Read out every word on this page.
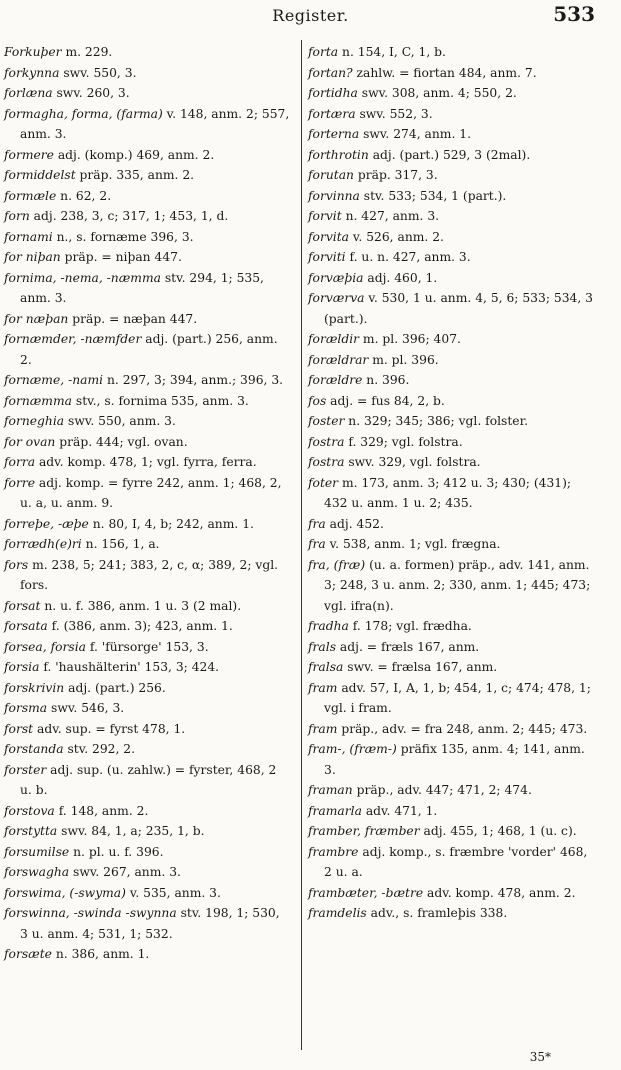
Register.	533

Forkuþer m. 229.

forkynna swv. 550, 3.

forlæna swv. 260, 3.

formagha, forma, (farma) v. 148, anm. 2; 557, anm. 3.

formere adj. (komp.) 469, anm. 2.

formiddelst präp. 335, anm. 2.

formæle n. 62, 2.

forn adj. 238, 3, c; 317, 1; 453, 1, d.

fornami n., s. fornæme 396, 3.

for niþan präp. = niþan 447.

fornima, -nema, -næmma stv. 294, 1; 535, anm. 3.

for næþan präp. = næþan 447.

fornæmder, -næmfder adj. (part.) 256, anm. 2.

fornæme, -nami n. 297, 3; 394, anm.; 396, 3.

fornæmma stv., s. fornima 535, anm. 3.

forneghia swv. 550, anm. 3.

for ovan präp. 444; vgl. ovan.

forra adv. komp. 478, 1; vgl. fyrra, ferra.

forre adj. komp. = fyrre 242, anm. 1; 468, 2, u. a, u. anm. 9.

forreþe, -æþe n. 80, I, 4, b; 242, anm. 1.

forrædh(e)ri n. 156, 1, a.

fors m. 238, 5; 241; 383, 2, c, α; 389, 2; vgl. fors.

forsat n. u. f. 386, anm. 1 u. 3 (2 mal).

forsata f. (386, anm. 3); 423, anm. 1.

forsea, forsia f. 'fürsorge' 153, 3.

forsia f. 'haushälterin' 153, 3; 424.

forskrivin adj. (part.) 256.

forsma swv. 546, 3.

forst adv. sup. = fyrst 478, 1.

forstanda stv. 292, 2.

forster adj. sup. (u. zahlw.) = fyrster, 468, 2 u. b.

forstova f. 148, anm. 2.

forstytta swv. 84, 1, a; 235, 1, b.

forsumilse n. pl. u. f. 396.

forswagha swv. 267, anm. 3.

forswima, (-swyma) v. 535, anm. 3.

forswinna, -swinda -swynna stv. 198, 1; 530, 3 u. anm. 4; 531, 1; 532.

forsæte n. 386, anm. 1.

forta n. 154, I, C, 1, b.

fortan? zahlw. = fiortan 484, anm. 7.

fortidha swv. 308, anm. 4; 550, 2.

fortæra swv. 552, 3.

forterna swv. 274, anm. 1.

forthrotin adj. (part.) 529, 3 (2mal).

forutan präp. 317, 3.

forvinna stv. 533; 534, 1 (part.).

forvit n. 427, anm. 3.

forvita v. 526, anm. 2.

forviti f. u. n. 427, anm. 3.

forvæþia adj. 460, 1.

forværva v. 530, 1 u. anm. 4, 5, 6; 533; 534, 3 (part.).

forældir m. pl. 396; 407.

forældrar m. pl. 396.

forældre n. 396.

fos adj. = fus 84, 2, b.

foster n. 329; 345; 386; vgl. folster.

fostra f. 329; vgl. folstra.

fostra swv. 329, vgl. folstra.

foter m. 173, anm. 3; 412 u. 3; 430; (431); 432 u. anm. 1 u. 2; 435.

fra adj. 452.

fra v. 538, anm. 1; vgl. frægna.

fra, (fræ) (u. a. formen) präp., adv. 141, anm. 3; 248, 3 u. anm. 2; 330, anm. 1; 445; 473; vgl. ifra(n).

fradha f. 178; vgl. frædha.

frals adj. = fræls 167, anm.

fralsa swv. = frælsa 167, anm.

fram adv. 57, I, A, 1, b; 454, 1, c; 474; 478, 1; vgl. i fram.

fram präp., adv. = fra 248, anm. 2; 445; 473.

fram-, (fræm-) präfix 135, anm. 4; 141, anm. 3.

framan präp., adv. 447; 471, 2; 474.

framarla adv. 471, 1.

framber, fræmber adj. 455, 1; 468, 1 (u. c).

frambre adj. komp., s. fræmbre 'vorder' 468, 2 u. a.

frambæter, -bætre adv. komp. 478, anm. 2.

framdelis adv., s. framleþis 338.

35*
